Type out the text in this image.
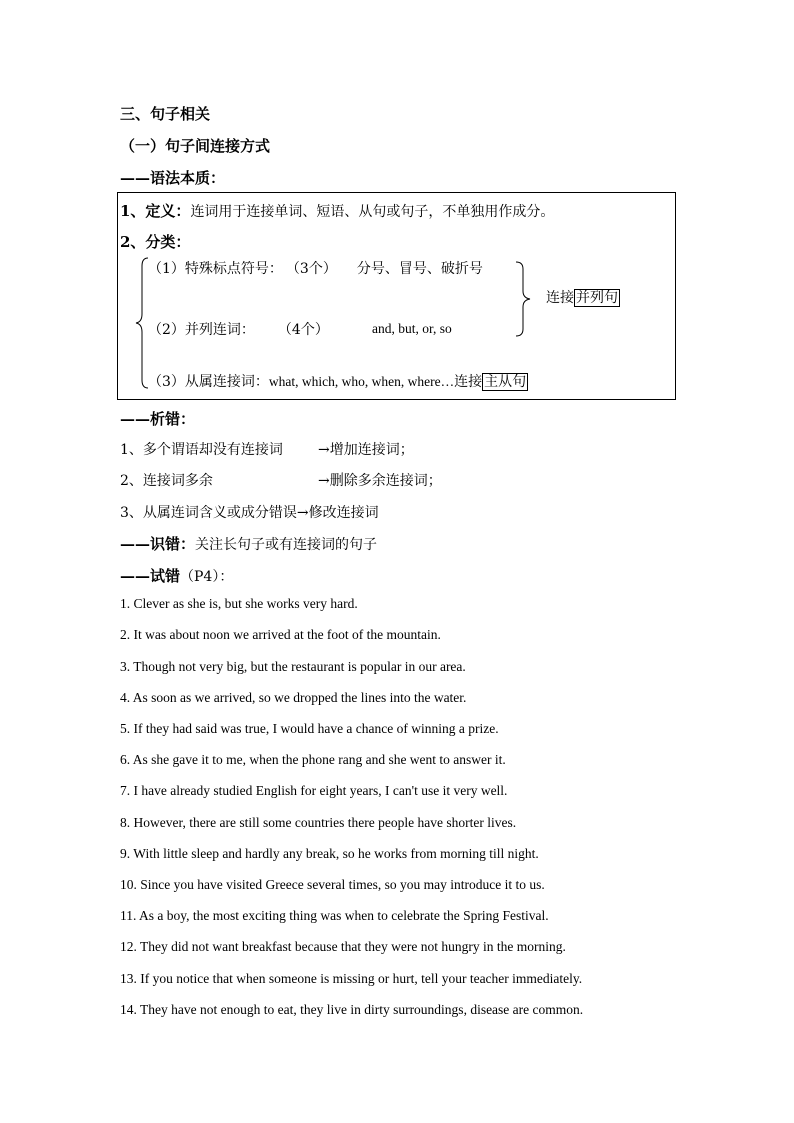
三、句子相关
（一）句子间连接方式
——语法本质：
1、定义：连词用于连接单词、短语、从句或句子，不单独用作成分。
2、分类：
（1）特殊标点符号： （3个） 分号、冒号、破折号
（2）并列连词： （4个）	and, but, or, so
连接 并列句
（3）从属连接词：what, which, who, when, where…连接 主从句
——析错：
1、多个谓语却没有连接词	→增加连接词；
2、连接词多余	→删除多余连接词；
3、从属连词含义或成分错误→修改连接词
——识错：关注长句子或有连接词的句子
——试错（P4）：
1. Clever as she is, but she works very hard.
2. It was about noon we arrived at the foot of the mountain.
3. Though not very big, but the restaurant is popular in our area.
4. As soon as we arrived, so we dropped the lines into the water.
5. If they had said was true, I would have a chance of winning a prize.
6. As she gave it to me, when the phone rang and she went to answer it.
7. I have already studied English for eight years, I can't use it very well.
8. However, there are still some countries there people have shorter lives.
9. With little sleep and hardly any break, so he works from morning till night.
10. Since you have visited Greece several times, so you may introduce it to us.
11. As a boy, the most exciting thing was when to celebrate the Spring Festival.
12. They did not want breakfast because that they were not hungry in the morning.
13. If you notice that when someone is missing or hurt, tell your teacher immediately.
14. They have not enough to eat, they live in dirty surroundings, disease are common.
